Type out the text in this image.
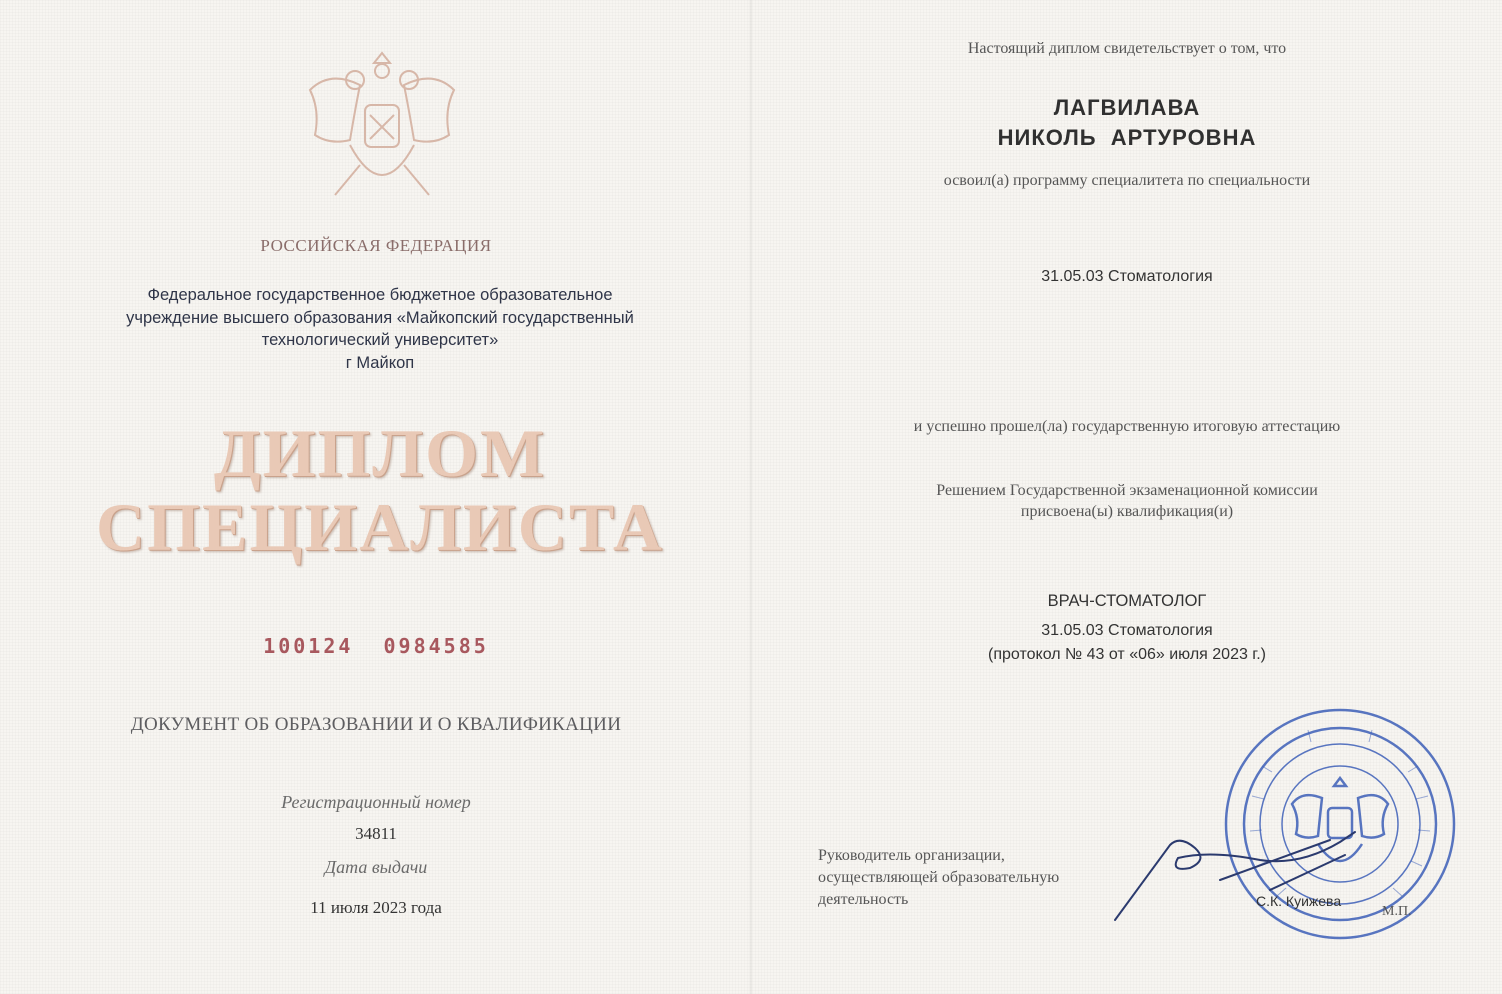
РОССИЙСКАЯ ФЕДЕРАЦИЯ
Федеральное государственное бюджетное образовательное
учреждение высшего образования «Майкопский государственный
технологический университет»
г Майкоп
ДИПЛОМ
СПЕЦИАЛИСТА
100124  0984585
ДОКУМЕНТ ОБ ОБРАЗОВАНИИ И О КВАЛИФИКАЦИИ
Регистрационный номер
34811
Дата выдачи
11 июля 2023 года
Настоящий диплом свидетельствует о том, что
ЛАГВИЛАВА
НИКОЛЬ  АРТУРОВНА
освоил(а) программу специалитета по специальности
31.05.03 Стоматология
и успешно прошел(ла) государственную итоговую аттестацию
Решением Государственной экзаменационной комиссии
присвоена(ы) квалификация(и)
ВРАЧ-СТОМАТОЛОГ
31.05.03 Стоматология
(протокол № 43 от «06» июля 2023 г.)
Руководитель организации,
осуществляющей образовательную
деятельность	С.К. Куижева
М.П.
